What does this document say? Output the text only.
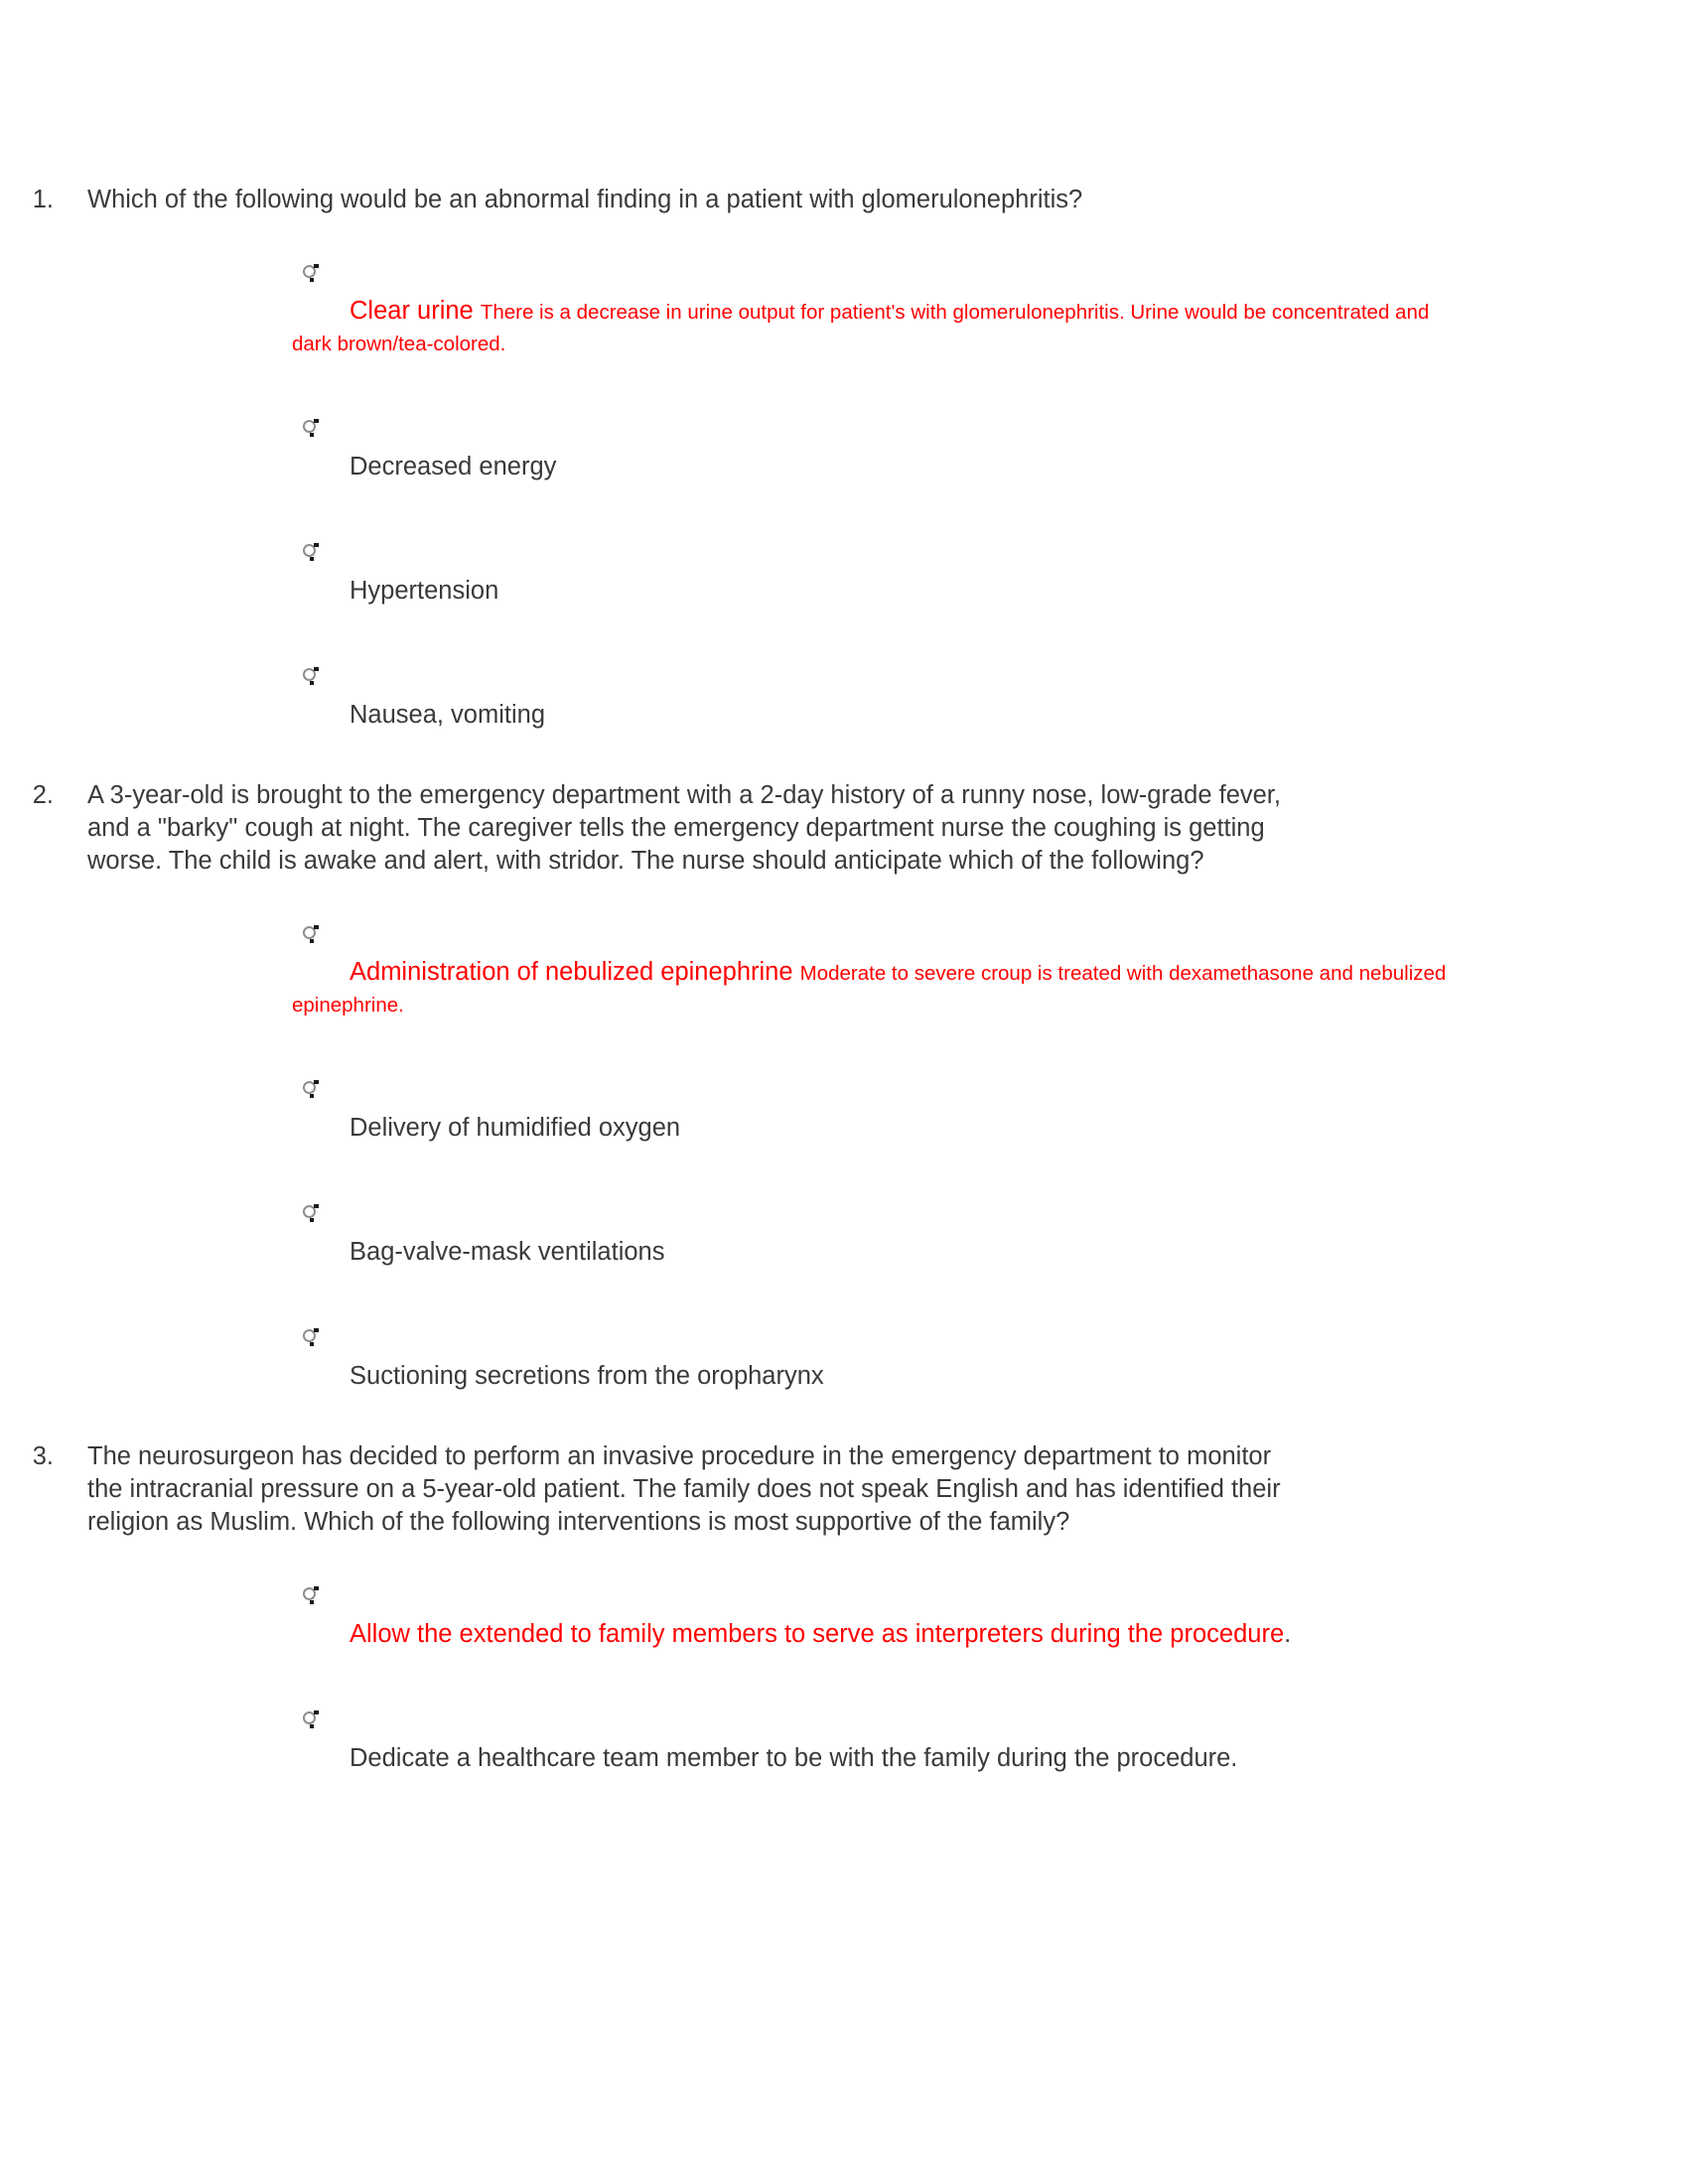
1.	Which of the following would be an abnormal finding in a patient with glomerulonephritis?
Clear urine There is a decrease in urine output for patient's with glomerulonephritis. Urine would be concentrated and dark brown/tea-colored.
Decreased energy
Hypertension
Nausea, vomiting
2.	A 3-year-old is brought to the emergency department with a 2-day history of a runny nose, low-grade fever, and a "barky" cough at night. The caregiver tells the emergency department nurse the coughing is getting worse. The child is awake and alert, with stridor. The nurse should anticipate which of the following?
Administration of nebulized epinephrine Moderate to severe croup is treated with dexamethasone and nebulized epinephrine.
Delivery of humidified oxygen
Bag-valve-mask ventilations
Suctioning secretions from the oropharynx
3.	The neurosurgeon has decided to perform an invasive procedure in the emergency department to monitor the intracranial pressure on a 5-year-old patient. The family does not speak English and has identified their religion as Muslim. Which of the following interventions is most supportive of the family?
Allow the extended to family members to serve as interpreters during the procedure.
Dedicate a healthcare team member to be with the family during the procedure.
